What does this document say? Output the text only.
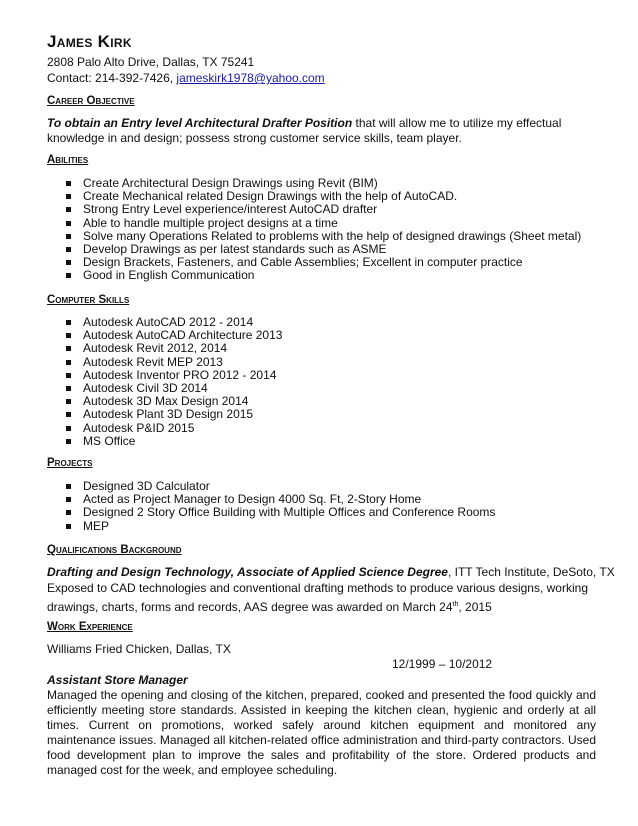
James Kirk
2808 Palo Alto Drive, Dallas, TX 75241
Contact: 214-392-7426, jameskirk1978@yahoo.com
Career Objective
To obtain an Entry level Architectural Drafter Position that will allow me to utilize my effectual
knowledge in and design; possess strong customer service skills, team player.
Abilities
Create Architectural Design Drawings using Revit (BIM)
Create Mechanical related Design Drawings with the help of AutoCAD.
Strong Entry Level experience/interest AutoCAD drafter
Able to handle multiple project designs at a time
Solve many Operations Related to problems with the help of designed drawings (Sheet metal)
Develop Drawings as per latest standards such as ASME
Design Brackets, Fasteners, and Cable Assemblies; Excellent in computer practice
Good in English Communication
Computer Skills
Autodesk AutoCAD 2012 - 2014
Autodesk AutoCAD Architecture 2013
Autodesk Revit 2012, 2014
Autodesk Revit MEP 2013
Autodesk Inventor PRO 2012 - 2014
Autodesk Civil 3D 2014
Autodesk 3D Max Design 2014
Autodesk Plant 3D Design 2015
Autodesk P&ID 2015
MS Office
Projects
Designed 3D Calculator
Acted as Project Manager to Design 4000 Sq. Ft, 2-Story Home
Designed 2 Story Office Building with Multiple Offices and Conference Rooms
MEP
Qualifications Background
Drafting and Design Technology, Associate of Applied Science Degree, ITT Tech Institute, DeSoto, TX
Exposed to CAD technologies and conventional drafting methods to produce various designs, working
drawings, charts, forms and records, AAS degree was awarded on March 24th, 2015
Work Experience
Williams Fried Chicken, Dallas, TX
12/1999 – 10/2012
Assistant Store Manager
Managed the opening and closing of the kitchen, prepared, cooked and presented the food quickly and efficiently meeting store standards. Assisted in keeping the kitchen clean, hygienic and orderly at all times. Current on promotions, worked safely around kitchen equipment and monitored any maintenance issues. Managed all kitchen-related office administration and third-party contractors. Used food development plan to improve the sales and profitability of the store. Ordered products and managed cost for the week, and employee scheduling.
